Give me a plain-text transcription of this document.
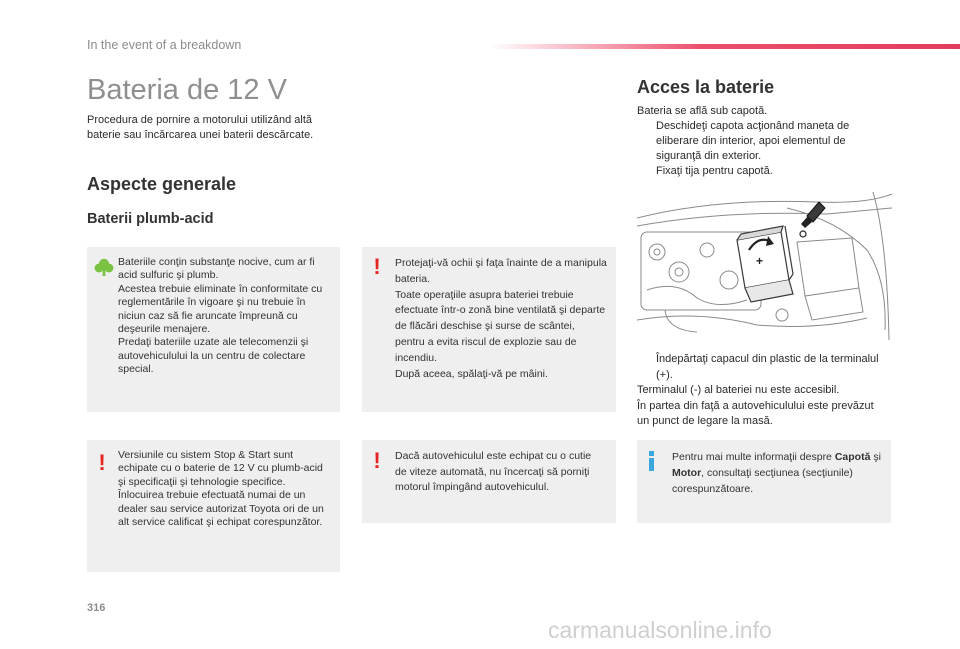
In the event of a breakdown
Bateria de 12 V
Procedura de pornire a motorului utilizând altă baterie sau încărcarea unei baterii descărcate.
Aspecte generale
Baterii plumb-acid
Bateriile conţin substanţe nocive, cum ar fi acid sulfuric şi plumb.
Acestea trebuie eliminate în conformitate cu reglementările în vigoare şi nu trebuie în niciun caz să fie aruncate împreună cu deşeurile menajere.
Predaţi bateriile uzate ale telecomenzii şi autovehiculului la un centru de colectare special.
! Protejaţi-vă ochii şi faţa înainte de a manipula bateria.
Toate operaţiile asupra bateriei trebuie efectuate într-o zonă bine ventilată şi departe de flăcări deschise şi surse de scântei, pentru a evita riscul de explozie sau de incendiu.
După aceea, spălaţi-vă pe mâini.
! Versiunile cu sistem Stop & Start sunt echipate cu o baterie de 12 V cu plumb-acid şi specificaţii şi tehnologie specifice.
Înlocuirea trebuie efectuată numai de un dealer sau service autorizat Toyota ori de un alt service calificat şi echipat corespunzător.
! Dacă autovehiculul este echipat cu o cutie de viteze automată, nu încercaţi să porniţi motorul împingând autovehiculul.
Pentru mai multe informaţii despre Capotă şi Motor, consultaţi secţiunea (secţiunile) corespunzătoare.
Acces la baterie
Bateria se află sub capotă.
Deschideţi capota acţionând maneta de eliberare din interior, apoi elementul de siguranţă din exterior.
Fixaţi tija pentru capotă.
+
Îndepărtaţi capacul din plastic de la terminalul (+).
Terminalul (-) al bateriei nu este accesibil.
În partea din faţă a autovehiculului este prevăzut un punct de legare la masă.
316
carmanualsonline.info
